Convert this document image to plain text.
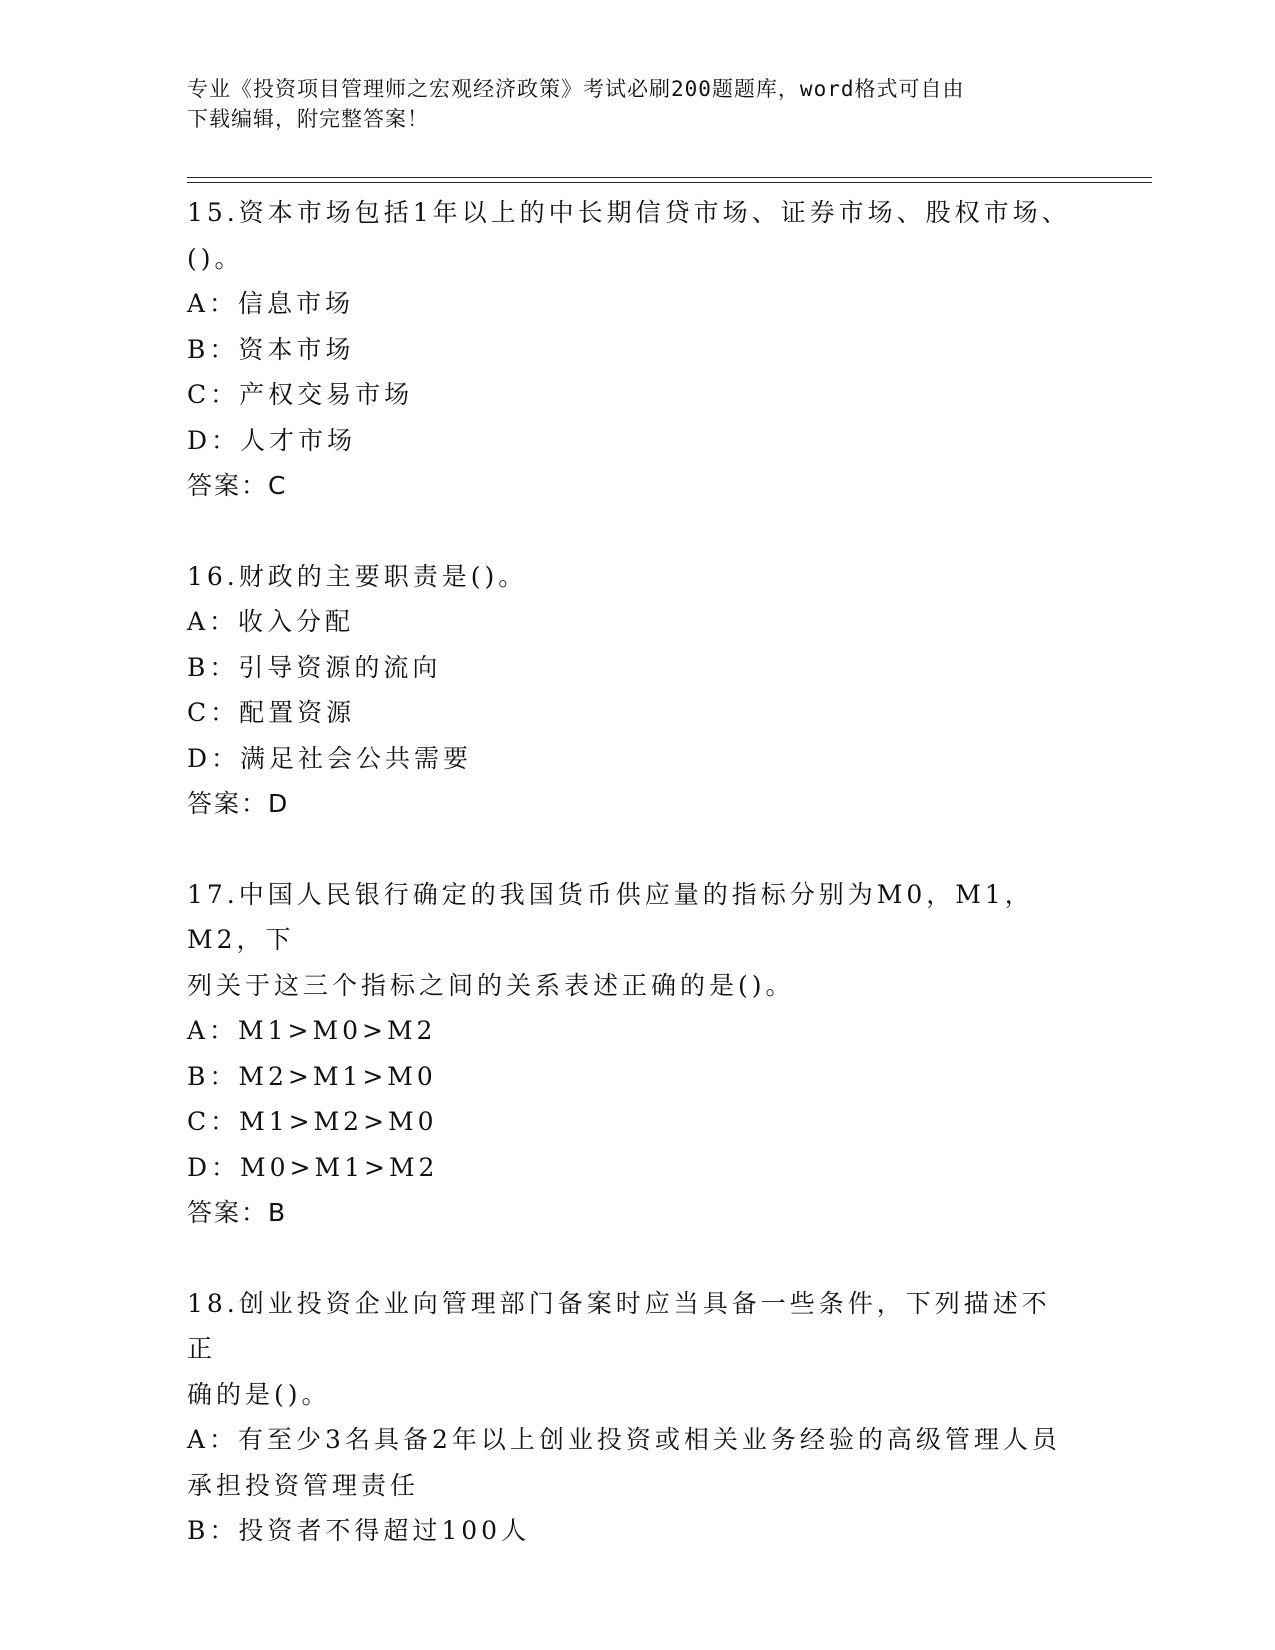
专业《投资项目管理师之宏观经济政策》考试必刷200题题库，word格式可自由
下载编辑，附完整答案！

15.资本市场包括1年以上的中长期信贷市场、证券市场、股权市场、

()。

A：信息市场

B：资本市场

C：产权交易市场

D：人才市场

答案：C

16.财政的主要职责是()。

A：收入分配

B：引导资源的流向

C：配置资源

D：满足社会公共需要

答案：D

17.中国人民银行确定的我国货币供应量的指标分别为M0，M1，M2，下

列关于这三个指标之间的关系表述正确的是()。

A：M1>M0>M2

B：M2>M1>M0

C：M1>M2>M0

D：M0>M1>M2

答案：B

18.创业投资企业向管理部门备案时应当具备一些条件，下列描述不正

确的是()。

A：有至少3名具备2年以上创业投资或相关业务经验的高级管理人员

承担投资管理责任

B：投资者不得超过100人
